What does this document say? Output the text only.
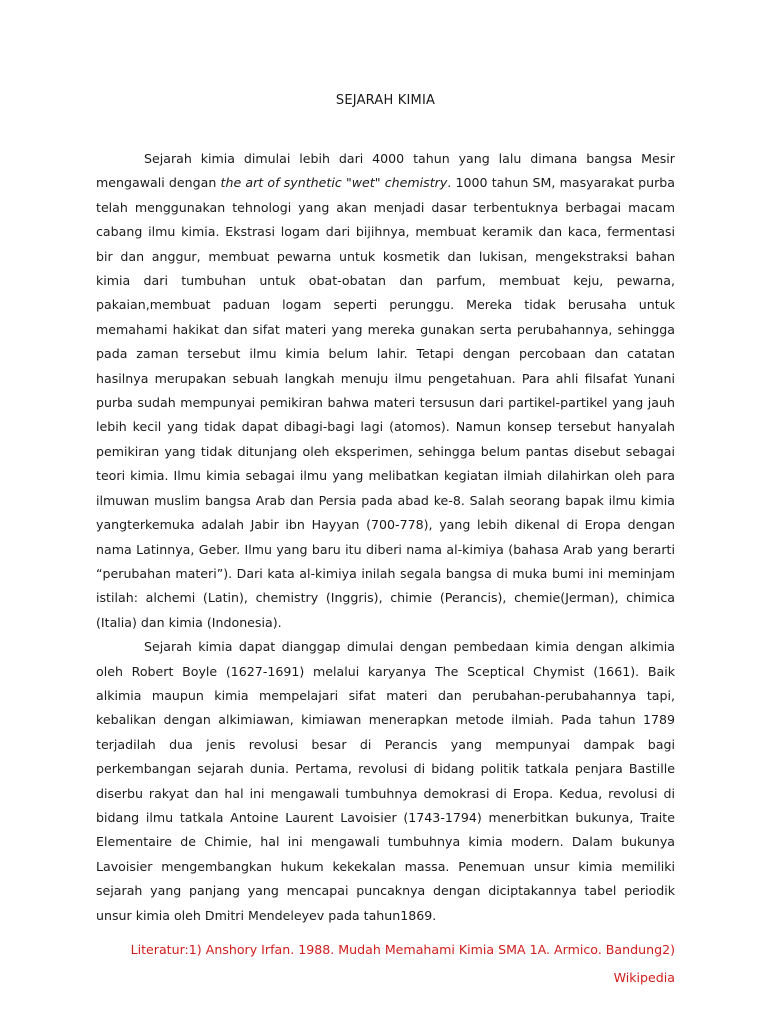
SEJARAH KIMIA

Sejarah kimia dimulai lebih dari 4000 tahun yang lalu dimana bangsa Mesir mengawali dengan the art of synthetic "wet" chemistry. 1000 tahun SM, masyarakat purba telah menggunakan tehnologi yang akan menjadi dasar terbentuknya berbagai macam cabang ilmu kimia. Ekstrasi logam dari bijihnya, membuat keramik dan kaca, fermentasi bir dan anggur, membuat pewarna untuk kosmetik dan lukisan, mengekstraksi bahan kimia dari tumbuhan untuk obat-obatan dan parfum, membuat keju, pewarna, pakaian,membuat paduan logam seperti perunggu. Mereka tidak berusaha untuk memahami hakikat dan sifat materi yang mereka gunakan serta perubahannya, sehingga pada zaman tersebut ilmu kimia belum lahir. Tetapi dengan percobaan dan catatan hasilnya merupakan sebuah langkah menuju ilmu pengetahuan. Para ahli filsafat Yunani purba sudah mempunyai pemikiran bahwa materi tersusun dari partikel-partikel yang jauh lebih kecil yang tidak dapat dibagi-bagi lagi (atomos). Namun konsep tersebut hanyalah pemikiran yang tidak ditunjang oleh eksperimen, sehingga belum pantas disebut sebagai teori kimia. Ilmu kimia sebagai ilmu yang melibatkan kegiatan ilmiah dilahirkan oleh para ilmuwan muslim bangsa Arab dan Persia pada abad ke-8. Salah seorang bapak ilmu kimia yangterkemuka adalah Jabir ibn Hayyan (700-778), yang lebih dikenal di Eropa dengan nama Latinnya, Geber. Ilmu yang baru itu diberi nama al-kimiya (bahasa Arab yang berarti “perubahan materi”). Dari kata al-kimiya inilah segala bangsa di muka bumi ini meminjam istilah: alchemi (Latin), chemistry (Inggris), chimie (Perancis), chemie(Jerman), chimica (Italia) dan kimia (Indonesia).

Sejarah kimia dapat dianggap dimulai dengan pembedaan kimia dengan alkimia oleh Robert Boyle (1627-1691) melalui karyanya The Sceptical Chymist (1661). Baik alkimia maupun kimia mempelajari sifat materi dan perubahan-perubahannya tapi, kebalikan dengan alkimiawan, kimiawan menerapkan metode ilmiah. Pada tahun 1789 terjadilah dua jenis revolusi besar di Perancis yang mempunyai dampak bagi perkembangan sejarah dunia. Pertama, revolusi di bidang politik tatkala penjara Bastille diserbu rakyat dan hal ini mengawali tumbuhnya demokrasi di Eropa. Kedua, revolusi di bidang ilmu tatkala Antoine Laurent Lavoisier (1743-1794) menerbitkan bukunya, Traite Elementaire de Chimie, hal ini mengawali tumbuhnya kimia modern. Dalam bukunya Lavoisier mengembangkan hukum kekekalan massa. Penemuan unsur kimia memiliki sejarah yang panjang yang mencapai puncaknya dengan diciptakannya tabel periodik unsur kimia oleh Dmitri Mendeleyev pada tahun1869.

Literatur:1) Anshory Irfan. 1988. Mudah Memahami Kimia SMA 1A. Armico. Bandung2)
Wikipedia
